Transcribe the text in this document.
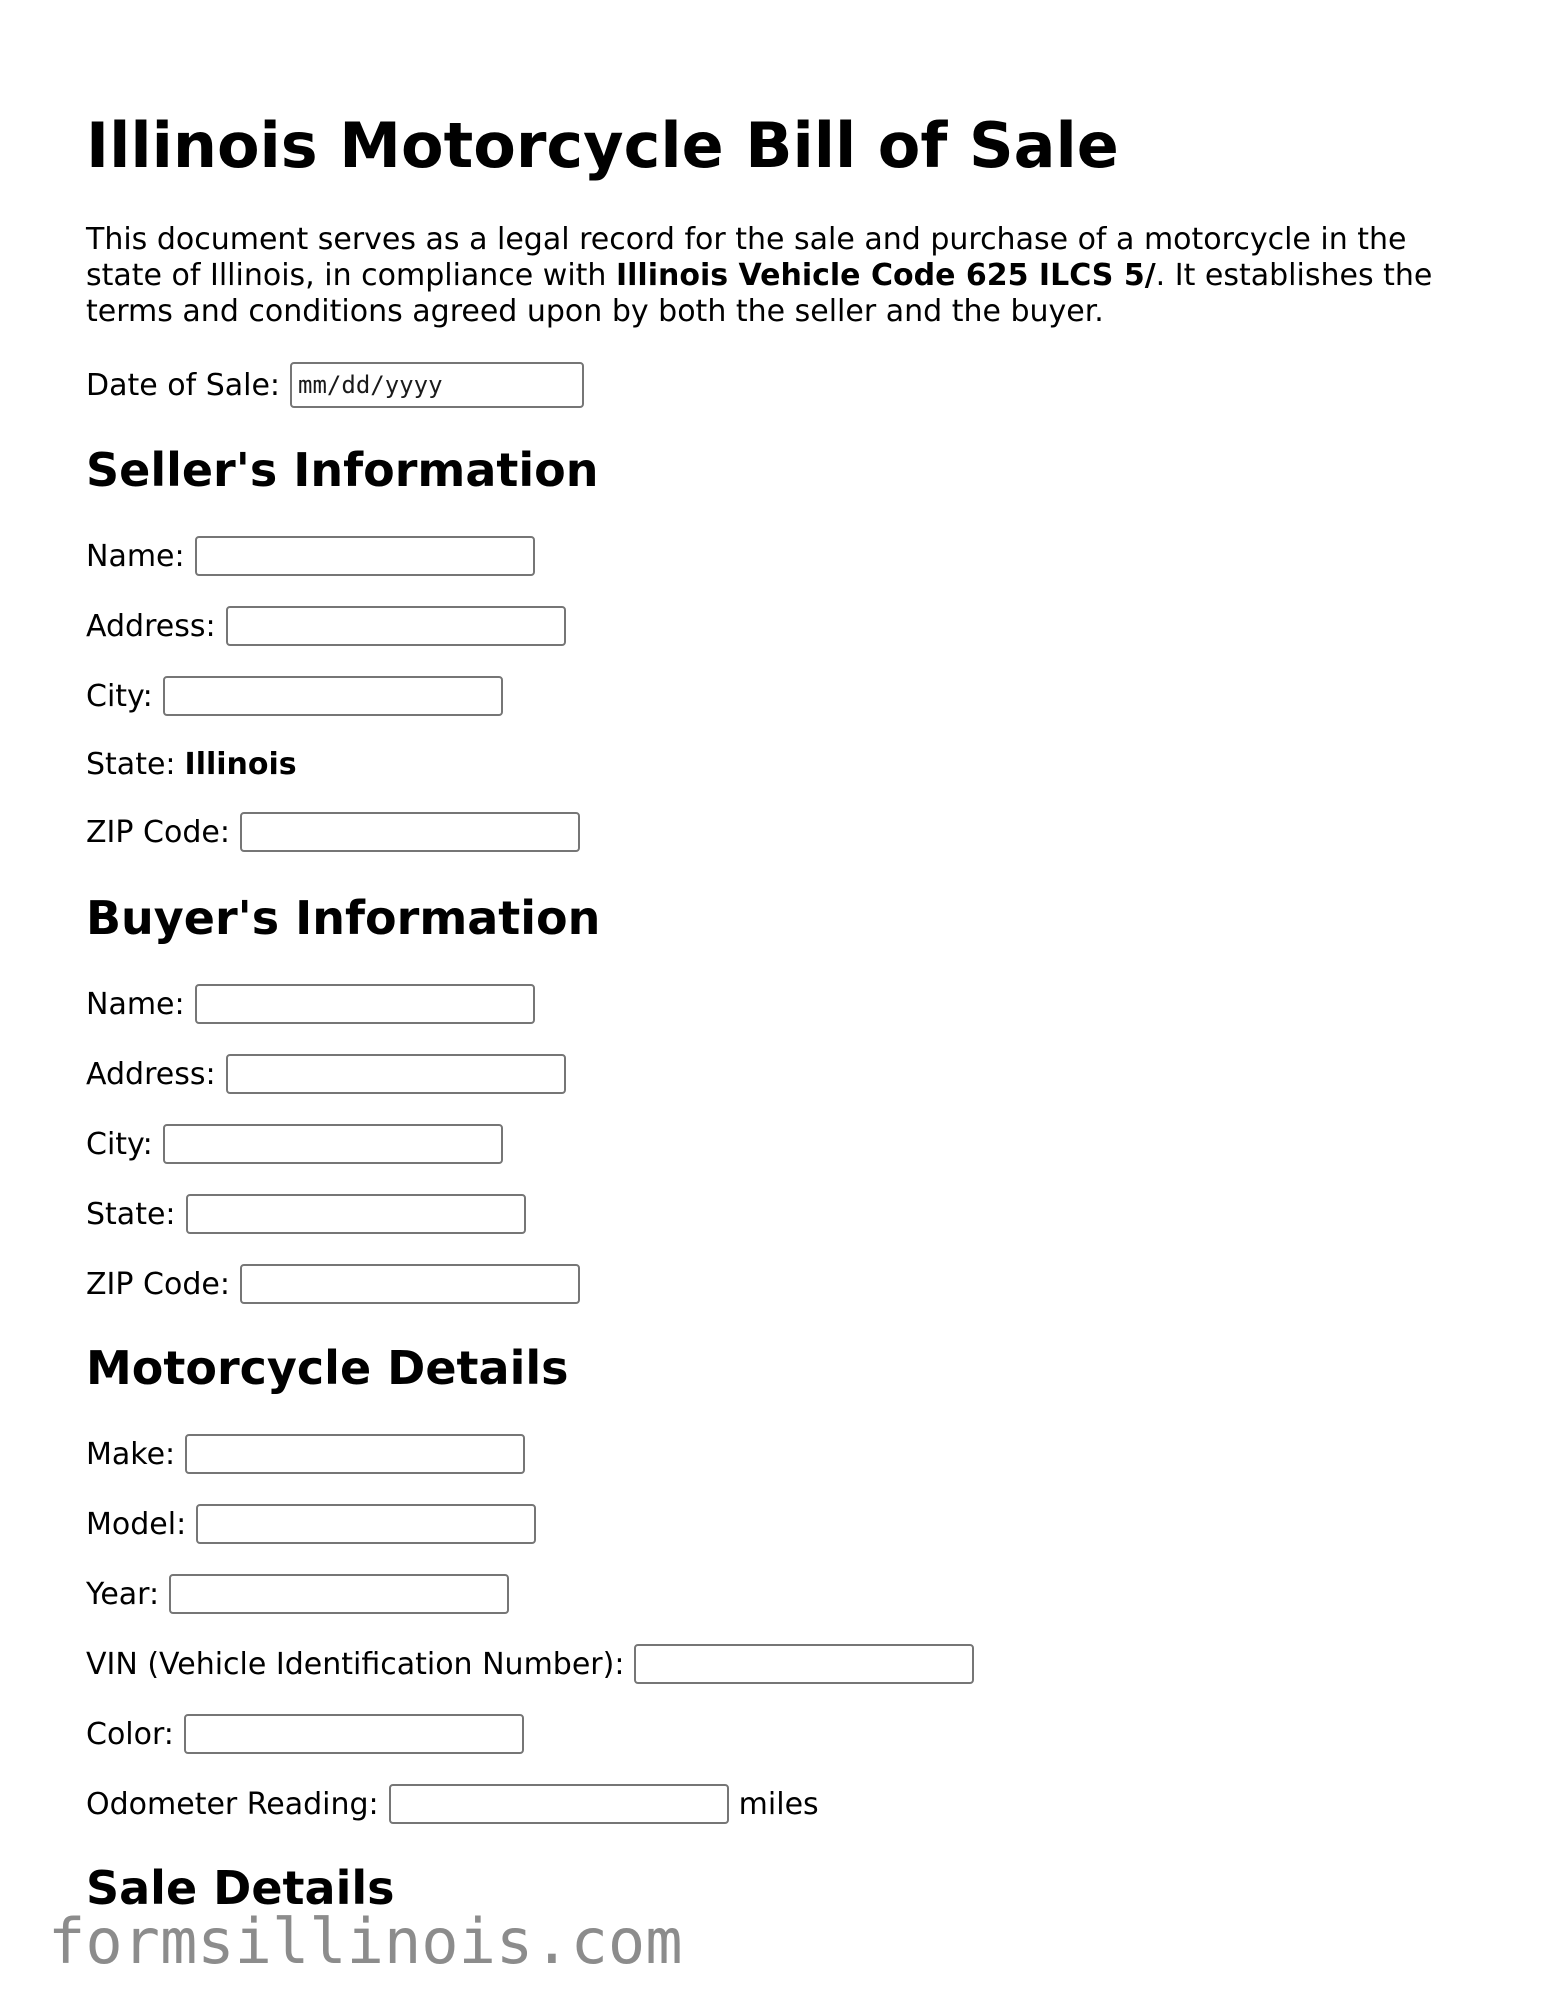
Illinois Motorcycle Bill of Sale

This document serves as a legal record for the sale and purchase of a motorcycle in the state of Illinois, in compliance with Illinois Vehicle Code 625 ILCS 5/. It establishes the terms and conditions agreed upon by both the seller and the buyer.

Date of Sale:
mm/dd/yyyy
Seller's Information
Name:
Address:
City:
State: Illinois
ZIP Code:
Buyer's Information
Name:
Address:
City:
State:
ZIP Code:
Motorcycle Details
Make:
Model:
Year:
VIN (Vehicle Identification Number):
Color:
Odometer Reading:	miles
Sale Details

formsillinois.com
